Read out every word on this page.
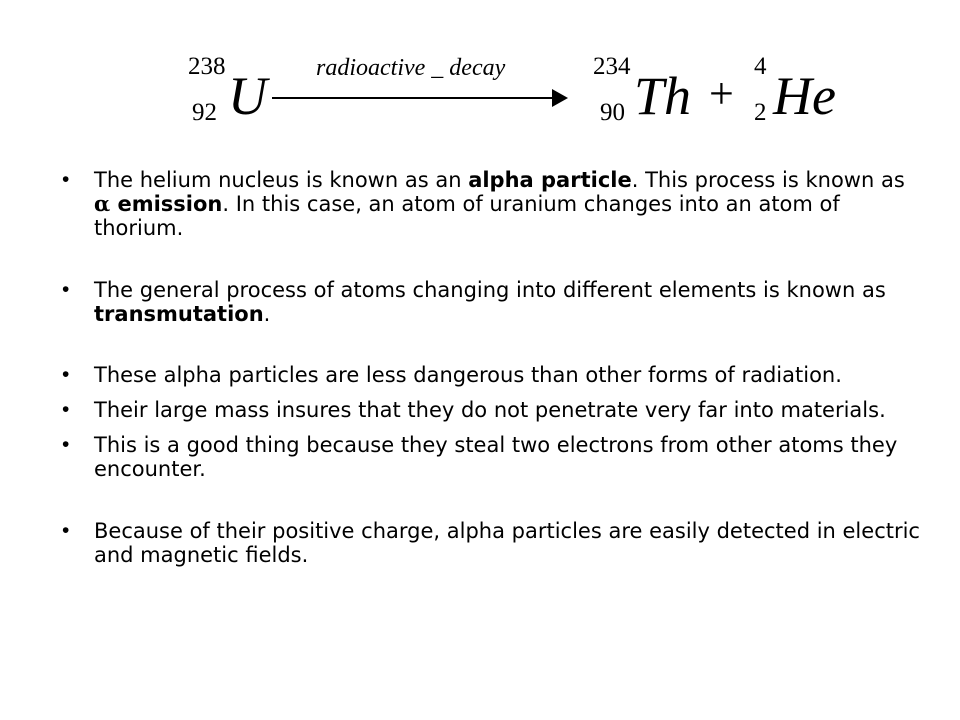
238
92 U radioactive _ decay	234
90 Th +
4
2 He
• The helium nucleus is known as an alpha particle. This process is known as α emission. In this case, an atom of uranium changes into an atom of thorium.
• The general process of atoms changing into different elements is known as transmutation.
• These alpha particles are less dangerous than other forms of radiation.
• Their large mass insures that they do not penetrate very far into materials.
• This is a good thing because they steal two electrons from other atoms they encounter.
• Because of their positive charge, alpha particles are easily detected in electric and magnetic fields.
